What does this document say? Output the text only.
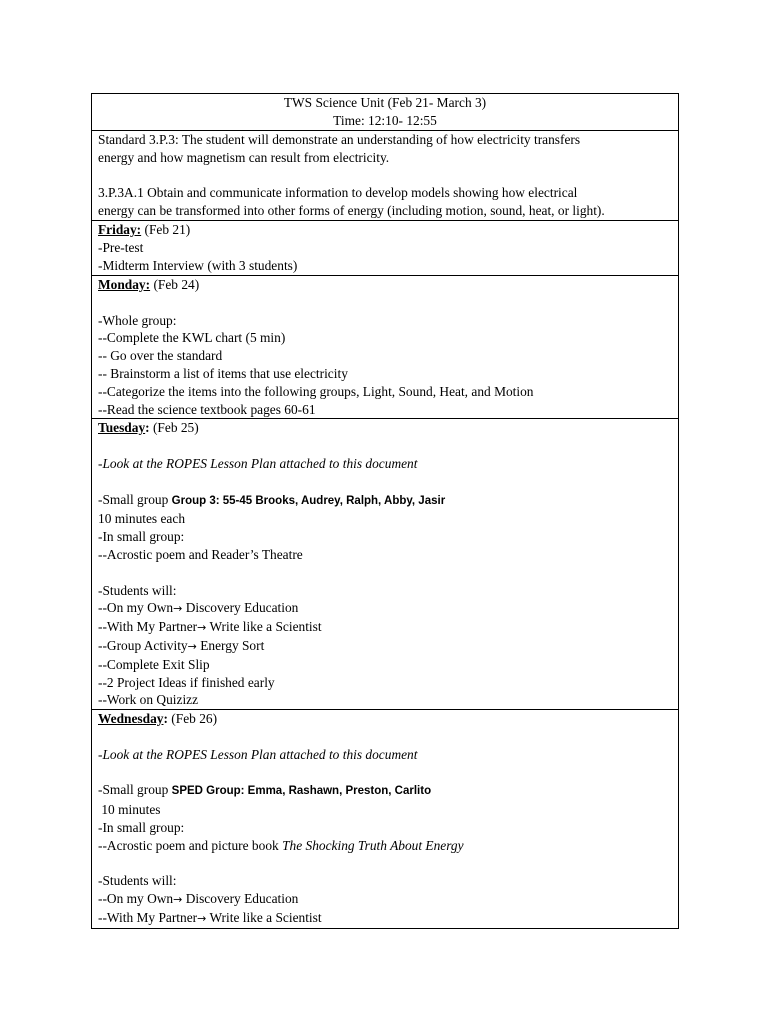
TWS Science Unit (Feb 21- March 3)
Time: 12:10- 12:55

Standard 3.P.3: The student will demonstrate an understanding of how electricity transfers
energy and how magnetism can result from electricity.
3.P.3A.1 Obtain and communicate information to develop models showing how electrical
energy can be transformed into other forms of energy (including motion, sound, heat, or light).

Friday: (Feb 21)
-Pre-test
-Midterm Interview (with 3 students)

Monday: (Feb 24)
-Whole group:
--Complete the KWL chart (5 min)
-- Go over the standard
-- Brainstorm a list of items that use electricity
--Categorize the items into the following groups, Light, Sound, Heat, and Motion
--Read the science textbook pages 60-61

Tuesday: (Feb 25)
-Look at the ROPES Lesson Plan attached to this document
-Small group Group 3: 55-45 Brooks, Audrey, Ralph, Abby, Jasir
10 minutes each
-In small group:
--Acrostic poem and Reader’s Theatre
-Students will:
--On my Own→ Discovery Education
--With My Partner→ Write like a Scientist
--Group Activity→ Energy Sort
--Complete Exit Slip
--2 Project Ideas if finished early
--Work on Quizizz

Wednesday: (Feb 26)
-Look at the ROPES Lesson Plan attached to this document
-Small group SPED Group: Emma, Rashawn, Preston, Carlito
10 minutes
-In small group:
--Acrostic poem and picture book The Shocking Truth About Energy
-Students will:
--On my Own→ Discovery Education
--With My Partner→ Write like a Scientist
